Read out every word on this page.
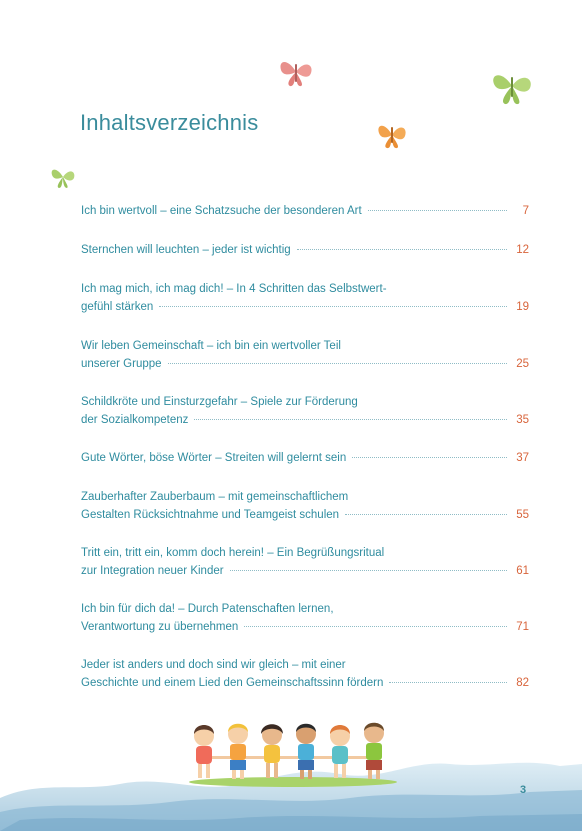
Inhaltsverzeichnis
Ich bin wertvoll – eine Schatzsuche der besonderen Art	7
Sternchen will leuchten – jeder ist wichtig	12
Ich mag mich, ich mag dich! – In 4 Schritten das Selbstwert-
gefühl stärken	19
Wir leben Gemeinschaft – ich bin ein wertvoller Teil
unserer Gruppe	25
Schildkröte und Einsturzgefahr – Spiele zur Förderung
der Sozialkompetenz	35
Gute Wörter, böse Wörter – Streiten will gelernt sein	37
Zauberhafter Zauberbaum – mit gemeinschaftlichem
Gestalten Rücksichtnahme und Teamgeist schulen	55
Tritt ein, tritt ein, komm doch herein! – Ein Begrüßungsritual
zur Integration neuer Kinder	61
Ich bin für dich da! – Durch Patenschaften lernen,
Verantwortung zu übernehmen	71
Jeder ist anders und doch sind wir gleich – mit einer
Geschichte und einem Lied den Gemeinschaftssinn fördern	82
3
